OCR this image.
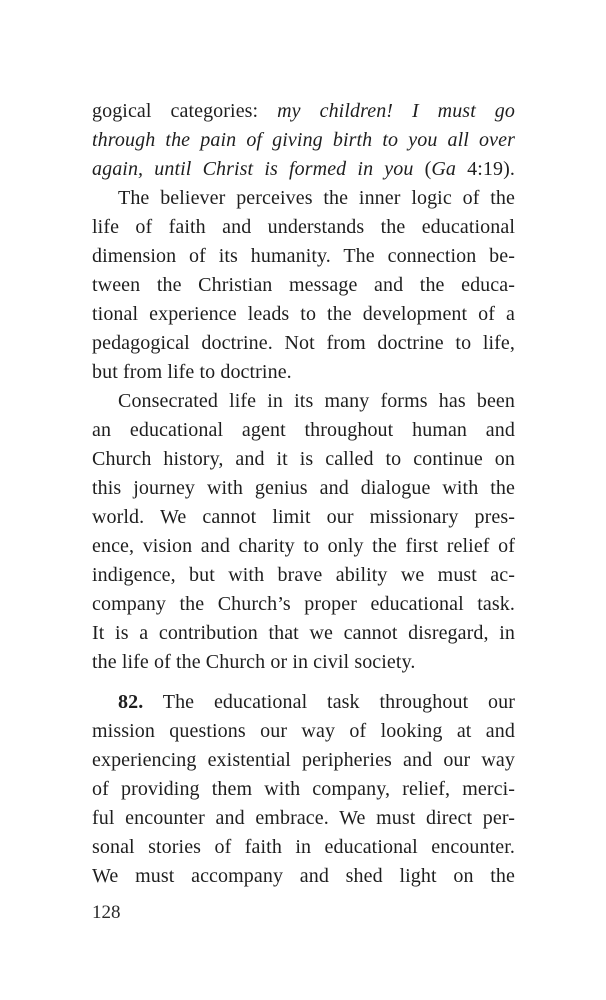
gogical categories: my children! I must go
through the pain of giving birth to you all over
again, until Christ is formed in you (Ga 4:19).
The believer perceives the inner logic of the
life of faith and understands the educational
dimension of its humanity. The connection be-
tween the Christian message and the educa-
tional experience leads to the development of a
pedagogical doctrine. Not from doctrine to life,
but from life to doctrine.
Consecrated life in its many forms has been
an educational agent throughout human and
Church history, and it is called to continue on
this journey with genius and dialogue with the
world. We cannot limit our missionary pres-
ence, vision and charity to only the first relief of
indigence, but with brave ability we must ac-
company the Church’s proper educational task.
It is a contribution that we cannot disregard, in
the life of the Church or in civil society.
82. The educational task throughout our
mission questions our way of looking at and
experiencing existential peripheries and our way
of providing them with company, relief, merci-
ful encounter and embrace. We must direct per-
sonal stories of faith in educational encounter.
We must accompany and shed light on the
128
